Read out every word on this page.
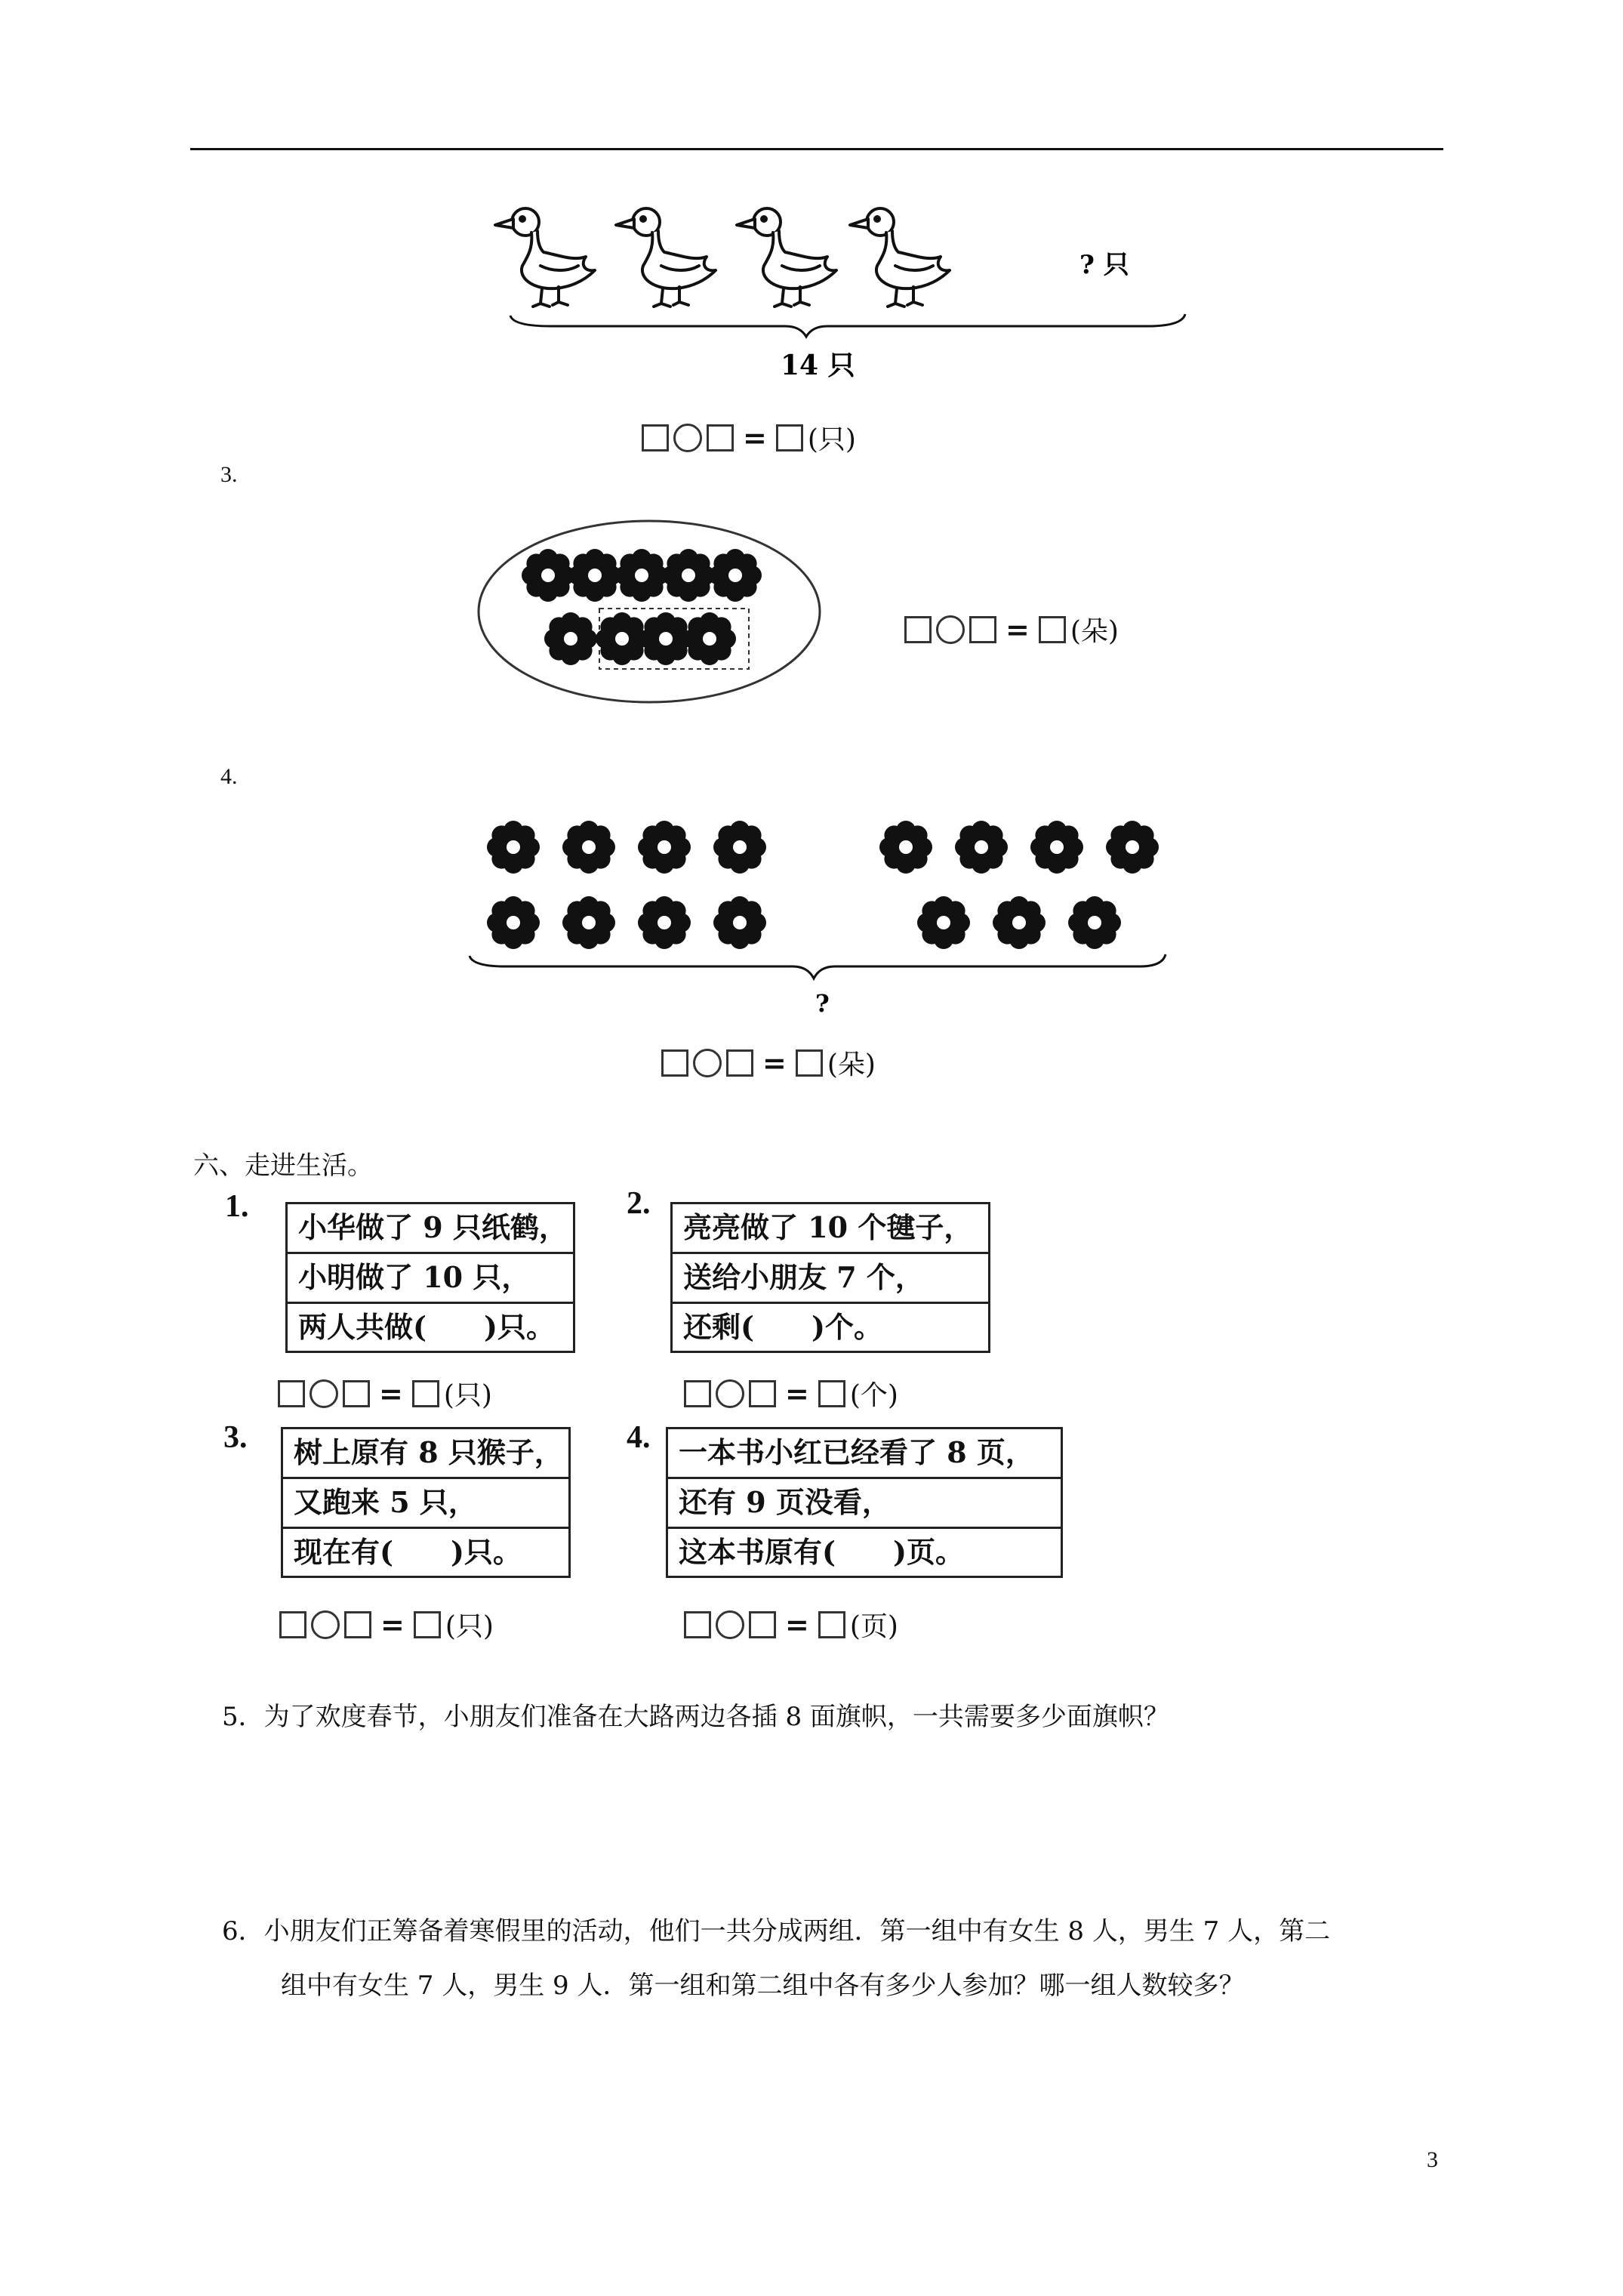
? 只
14 只
= (只)
3.
= (朵)
4.
?
= (朵)
六、走进生活。
1.
小华做了 9 只纸鹤，
小明做了 10 只，
两人共做(　　)只。
= (只)
2.
亮亮做了 10 个毽子，
送给小朋友 7 个，
还剩(　　)个。
= (个)
3.	树上原有 8 只猴子，
又跑来 5 只，
现在有(　　)只。
= (只)
4. 一本书小红已经看了 8 页，
还有 9 页没看，
这本书原有(　　)页。
= (页)
5．为了欢度春节，小朋友们准备在大路两边各插 8 面旗帜，一共需要多少面旗帜？
6．小朋友们正筹备着寒假里的活动，他们一共分成两组．第一组中有女生 8 人，男生 7 人，第二
组中有女生 7 人，男生 9 人．第一组和第二组中各有多少人参加？哪一组人数较多？
3
